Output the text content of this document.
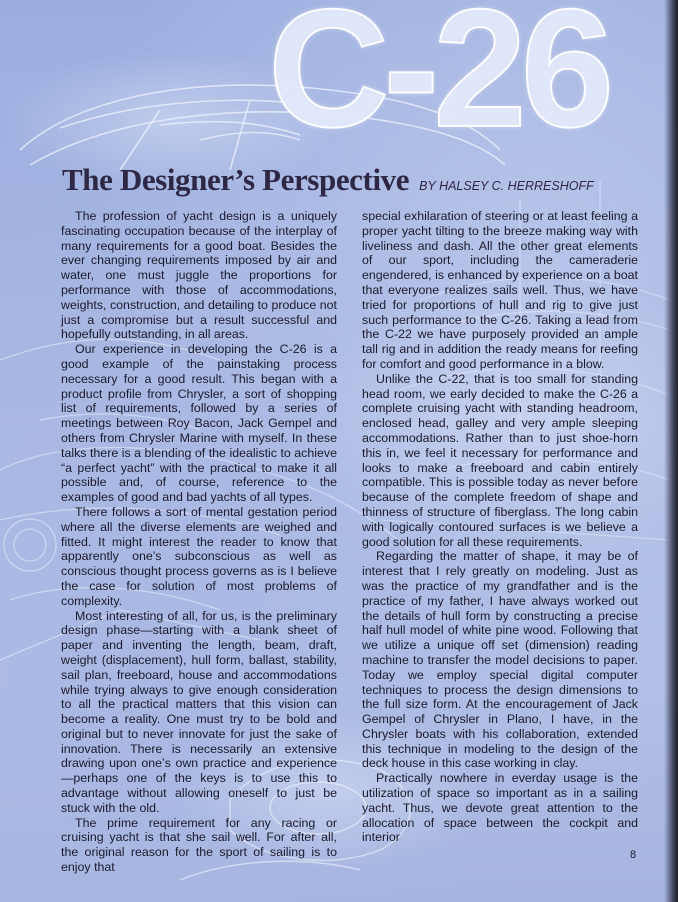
C-26
The Designer’s Perspective BY HALSEY C. HERRESHOFF

The profession of yacht design is a uniquely fascinating occupation because of the interplay of many requirements for a good boat. Besides the ever changing requirements imposed by air and water, one must juggle the proportions for performance with those of accommodations, weights, construction, and detailing to produce not just a compromise but a result successful and hopefully outstanding, in all areas.

Our experience in developing the C-26 is a good example of the painstaking process necessary for a good result. This began with a product profile from Chrysler, a sort of shopping list of requirements, followed by a series of meetings between Roy Bacon, Jack Gempel and others from Chrysler Marine with myself. In these talks there is a blending of the idealistic to achieve “a perfect yacht” with the practical to make it all possible and, of course, reference to the examples of good and bad yachts of all types.

There follows a sort of mental gestation period where all the diverse elements are weighed and fitted. It might interest the reader to know that apparently one’s subconscious as well as conscious thought process governs as is I believe the case for solution of most problems of complexity.

Most interesting of all, for us, is the preliminary design phase—starting with a blank sheet of paper and inventing the length, beam, draft, weight (displacement), hull form, ballast, stability, sail plan, freeboard, house and accommodations while trying always to give enough consideration to all the practical matters that this vision can become a reality. One must try to be bold and original but to never innovate for just the sake of innovation. There is necessarily an extensive drawing upon one’s own practice and experience—perhaps one of the keys is to use this to advantage without allowing oneself to just be stuck with the old.

The prime requirement for any racing or cruising yacht is that she sail well. For after all, the original reason for the sport of sailing is to enjoy that

special exhilaration of steering or at least feeling a proper yacht tilting to the breeze making way with liveliness and dash. All the other great elements of our sport, including the cameraderie engendered, is enhanced by experience on a boat that everyone realizes sails well. Thus, we have tried for proportions of hull and rig to give just such performance to the C-26. Taking a lead from the C-22 we have purposely provided an ample tall rig and in addition the ready means for reefing for comfort and good performance in a blow.

Unlike the C-22, that is too small for standing head room, we early decided to make the C-26 a complete cruising yacht with standing headroom, enclosed head, galley and very ample sleeping accommodations. Rather than to just shoe-horn this in, we feel it necessary for performance and looks to make a freeboard and cabin entirely compatible. This is possible today as never before because of the complete freedom of shape and thinness of structure of fiberglass. The long cabin with logically contoured surfaces is we believe a good solution for all these requirements.

Regarding the matter of shape, it may be of interest that I rely greatly on modeling. Just as was the practice of my grandfather and is the practice of my father, I have always worked out the details of hull form by constructing a precise half hull model of white pine wood. Following that we utilize a unique off set (dimension) reading machine to transfer the model decisions to paper. Today we employ special digital computer techniques to process the design dimensions to the full size form. At the encouragement of Jack Gempel of Chrysler in Plano, I have, in the Chrysler boats with his collaboration, extended this technique in modeling to the design of the deck house in this case working in clay.

Practically nowhere in everday usage is the utilization of space so important as in a sailing yacht. Thus, we devote great attention to the allocation of space between the cockpit and interior

8
